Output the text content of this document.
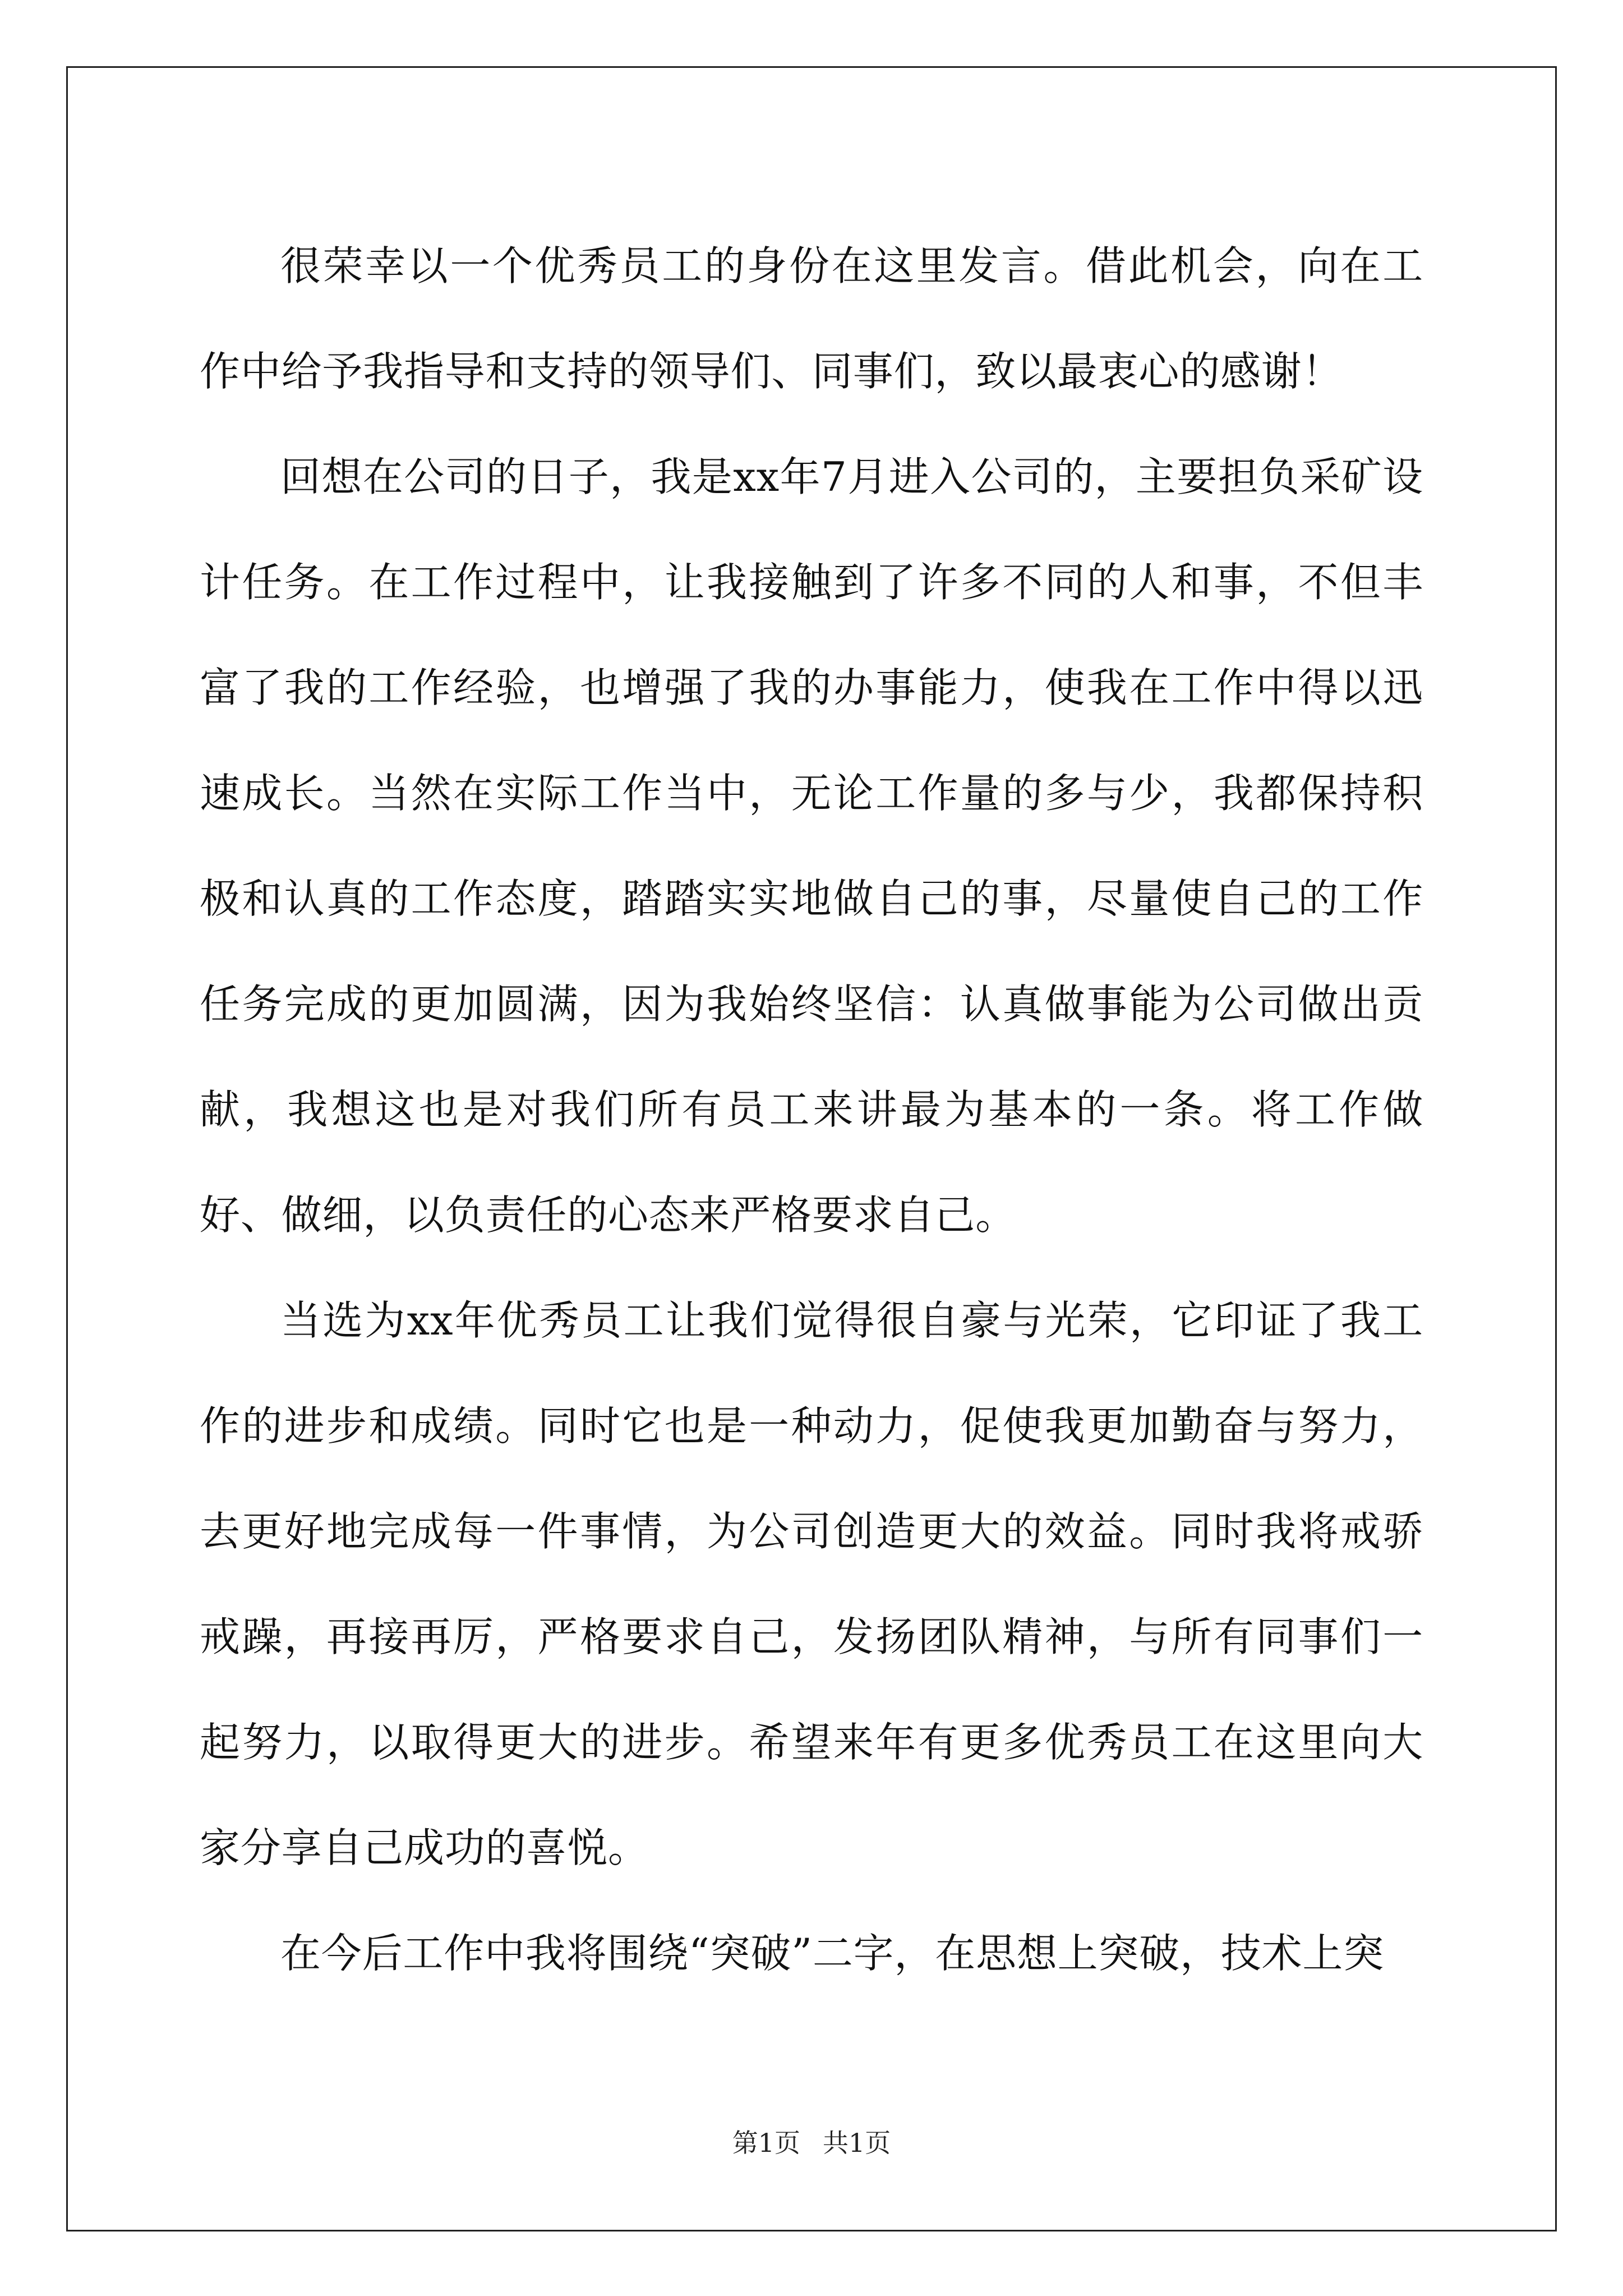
很荣幸以一个优秀员工的身份在这里发言。借此机会，向在工作中给予我指导和支持的领导们、同事们，致以最衷心的感谢！

回想在公司的日子，我是xx年7月进入公司的，主要担负采矿设计任务。在工作过程中，让我接触到了许多不同的人和事，不但丰富了我的工作经验，也增强了我的办事能力，使我在工作中得以迅速成长。当然在实际工作当中，无论工作量的多与少，我都保持积极和认真的工作态度，踏踏实实地做自己的事，尽量使自己的工作任务完成的更加圆满，因为我始终坚信：认真做事能为公司做出贡献，我想这也是对我们所有员工来讲最为基本的一条。将工作做好、做细，以负责任的心态来严格要求自己。

当选为xx年优秀员工让我们觉得很自豪与光荣，它印证了我工作的进步和成绩。同时它也是一种动力，促使我更加勤奋与努力，去更好地完成每一件事情，为公司创造更大的效益。同时我将戒骄戒躁，再接再厉，严格要求自己，发扬团队精神，与所有同事们一起努力，以取得更大的进步。希望来年有更多优秀员工在这里向大家分享自己成功的喜悦。

在今后工作中我将围绕“突破”二字，在思想上突破，技术上突

第1页 共1页
